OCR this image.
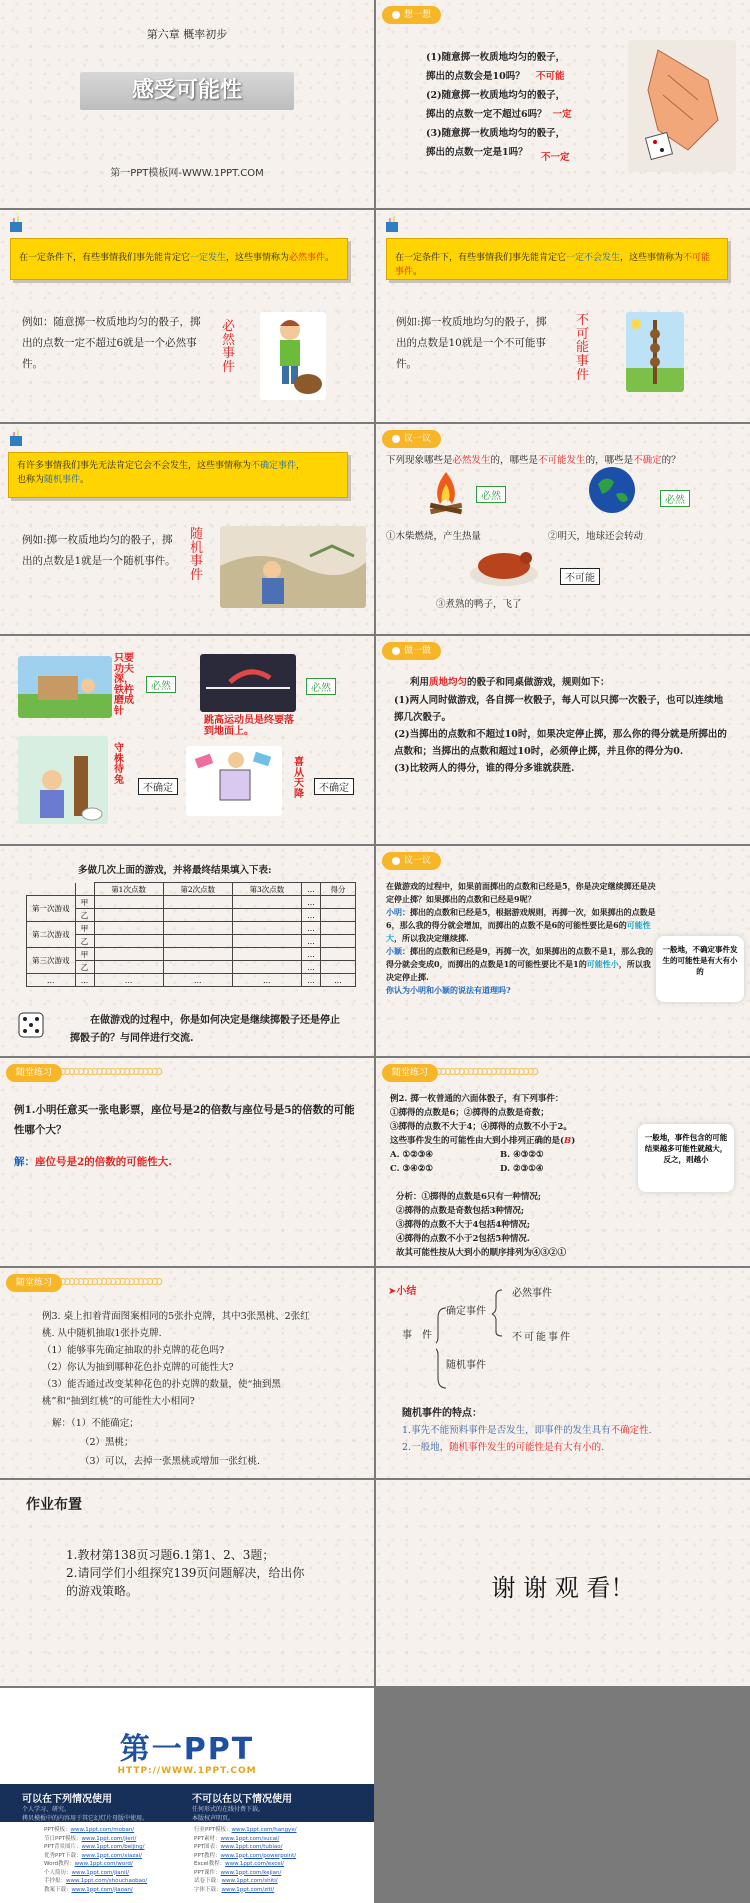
第六章 概率初步
感受可能性
第一PPT模板网-WWW.1PPT.COM
想一想
(1)随意掷一枚质地均匀的骰子，
掷出的点数会是10吗？ 不可能
(2)随意掷一枚质地均匀的骰子，
掷出的点数一定不超过6吗？ 一定
(3)随意掷一枚质地均匀的骰子，
掷出的点数一定是1吗？ 不一定
在一定条件下，有些事情我们事先能肯定它一定发生，这些事情称为必然事件。
例如：随意掷一枚质地均匀的骰子，掷出的点数一定不超过6就是一个必然事件。
必然事件
在一定条件下，有些事情我们事先能肯定它一定不会发生，这些事情称为不可能事件。
例如:掷一枚质地均匀的骰子，掷出的点数是10就是一个不可能事件。
不可能事件
有许多事情我们事先无法肯定它会不会发生，这些事情称为不确定事件，
也称为随机事件。
例如:掷一枚质地均匀的骰子，掷出的点数是1就是一个随机事件。
随机事件
议一议
下列现象哪些是必然发生的，哪些是不可能发生的，哪些是不确定的？
必然	必然
①木柴燃烧，产生热量	②明天，地球还会转动
不可能
③煮熟的鸭子，飞了
只要功夫深，铁杵磨成针
必然
跳高运动员是终要落到地面上。
必然
守株待兔
不确定
喜从天降	不确定
做一做
利用质地均匀的骰子和同桌做游戏，规则如下：
(1)两人同时做游戏，各自掷一枚骰子，每人可以只掷一次骰子，也可以连续地掷几次骰子。
(2)当掷出的点数和不超过10时，如果决定停止掷，那么你的得分就是所掷出的点数和；当掷出的点数和超过10时，必须停止掷，并且你的得分为0.
(3)比较两人的得分，谁的得分多谁就获胜.
多做几次上面的游戏，并将最终结果填入下表:
		第1次点数	第2次点数	第3次点数	…	得分
第一次游戏	甲				…	
	乙				…	
第二次游戏	甲				…	
	乙				…	
第三次游戏	甲				…	
	乙				…	
…	…	…	…	…	…	…
在做游戏的过程中，你是如何决定是继续掷骰子还是停止掷骰子的？与同伴进行交流.
议一议
在做游戏的过程中，如果前面掷出的点数和已经是5，你是决定继续掷还是决定停止掷？如果掷出的点数和已经是9呢？
小明：掷出的点数和已经是5，根据游戏规则，再掷一次，如果掷出的点数是6，那么我的得分就会增加，而掷出的点数不是6的可能性要比是6的可能性大，所以我决定继续掷.
小颖：掷出的点数和已经是9，再掷一次，如果掷出的点数不是1，那么我的得分就会变成0，而掷出的点数是1的可能性要比不是1的可能性小，所以我决定停止掷.
你认为小明和小颖的说法有道理吗?
一般地，不确定事件发生的可能性是有大有小的
随堂练习 ↄↄↄↄↄↄↄↄↄↄↄↄↄↄↄↄↄↄↄↄↄↄ
例1.小明任意买一张电影票，座位号是2的倍数与座位号是5的倍数的可能性哪个大？
解：座位号是2的倍数的可能性大.
随堂练习 ↄↄↄↄↄↄↄↄↄↄↄↄↄↄↄↄↄↄↄↄↄↄ
例2. 掷一枚普通的六面体骰子，有下列事件：
①掷得的点数是6；②掷得的点数是奇数；
③掷得的点数不大于4；④掷得的点数不小于2。
这些事件发生的可能性由大到小排列正确的是(B)
A. ①②③④	B. ④③②①
C. ③④②①	D. ②③①④
分析：①掷得的点数是6只有一种情况;
②掷得的点数是奇数包括3种情况;
③掷得的点数不大于4包括4种情况;
④掷得的点数不小于2包括5种情况.
故其可能性按从大到小的顺序排列为④③②①
一般地，事件包含的可能结果越多可能性就越大，反之，则越小
随堂练习 ↄↄↄↄↄↄↄↄↄↄↄↄↄↄↄↄↄↄↄↄↄↄ
例3. 桌上扣着背面图案相同的5张扑克牌，其中3张黑桃、2张红桃. 从中随机抽取1张扑克牌.
（1）能够事先确定抽取的扑克牌的花色吗?
（2）你认为抽到哪种花色扑克牌的可能性大?
（3）能否通过改变某种花色的扑克牌的数量，使“抽到黑桃”和“抽到红桃”的可能性大小相同?
解：（1）不能确定；
（2）黑桃；
（3）可以，去掉一张黑桃或增加一张红桃.
➤小结
事　件
确定事件
必然事件
不可能事件
随机事件
随机事件的特点：
1.事先不能预料事件是否发生，即事件的发生具有不确定性.
2.一般地，随机事件发生的可能性是有大有小的.
作业布置
1.教材第138页习题6.1第1、2、3题；
2.请同学们小组探究139页问题解决，给出你的游戏策略。	谢 谢 观 看！
第一PPT
HTTP://WWW.1PPT.COM
可以在下列情况使用
个人学习、研究。
拷贝模板中的内容用于其它幻灯片母版中使用。
不可以在以下情况使用
任何形式的在线付费下载。
本版权声明页。
PPT模板：www.1ppt.com/moban/
节日PPT模板：www.1ppt.com/jieri/
PPT背景图片：www.1ppt.com/beijing/
优秀PPT下载：www.1ppt.com/xiazai/
Word教程：www.1ppt.com/word/
个人简历：www.1ppt.com/jianli/
手抄报：www.1ppt.com/shouchaobao/
教案下载：www.1ppt.com/jiaoan/
行业PPT模板：www.1ppt.com/hangye/
PPT素材：www.1ppt.com/sucai/
PPT图表：www.1ppt.com/tubiao/
PPT教程：www.1ppt.com/powerpoint/
Excel教程：www.1ppt.com/excel/
PPT课件：www.1ppt.com/kejian/
试卷下载：www.1ppt.com/shiti/
字体下载：www.1ppt.com/ziti/
